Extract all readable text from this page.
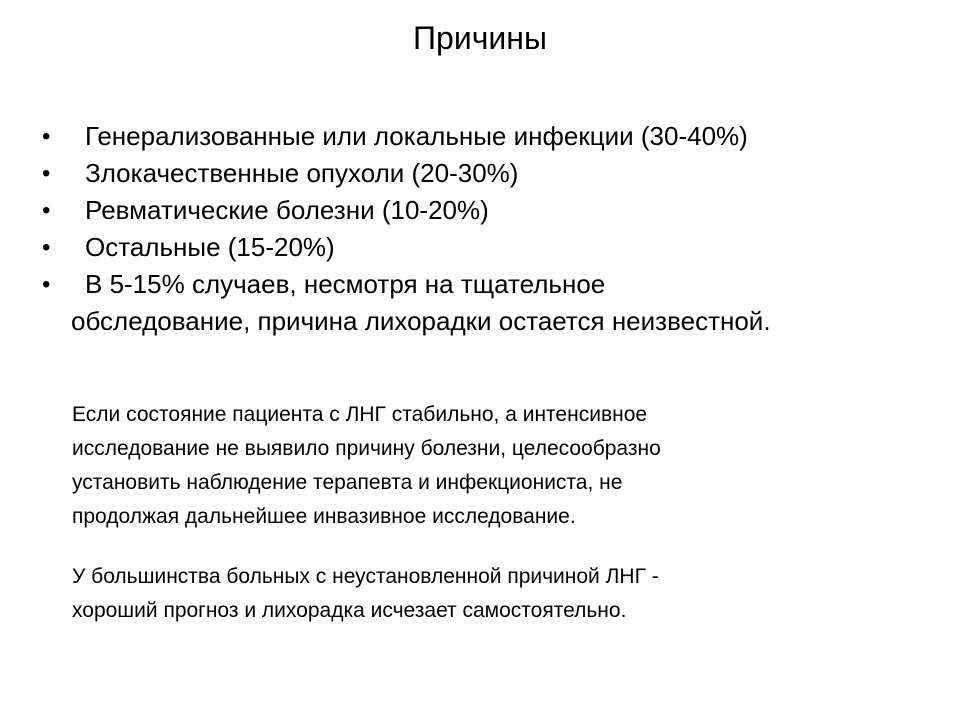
Причины
• Генерализованные или локальные инфекции (30-40%)
• Злокачественные опухоли (20-30%)
• Ревматические болезни (10-20%)
• Остальные (15-20%)
• В 5-15% случаев, несмотря на тщательное
обследование, причина лихорадки остается неизвестной.
Если состояние пациента с ЛНГ стабильно, а интенсивное
исследование не выявило причину болезни, целесообразно
установить наблюдение терапевта и инфекциониста, не
продолжая дальнейшее инвазивное исследование.
У большинства больных с неустановленной причиной ЛНГ -
хороший прогноз и лихорадка исчезает самостоятельно.
